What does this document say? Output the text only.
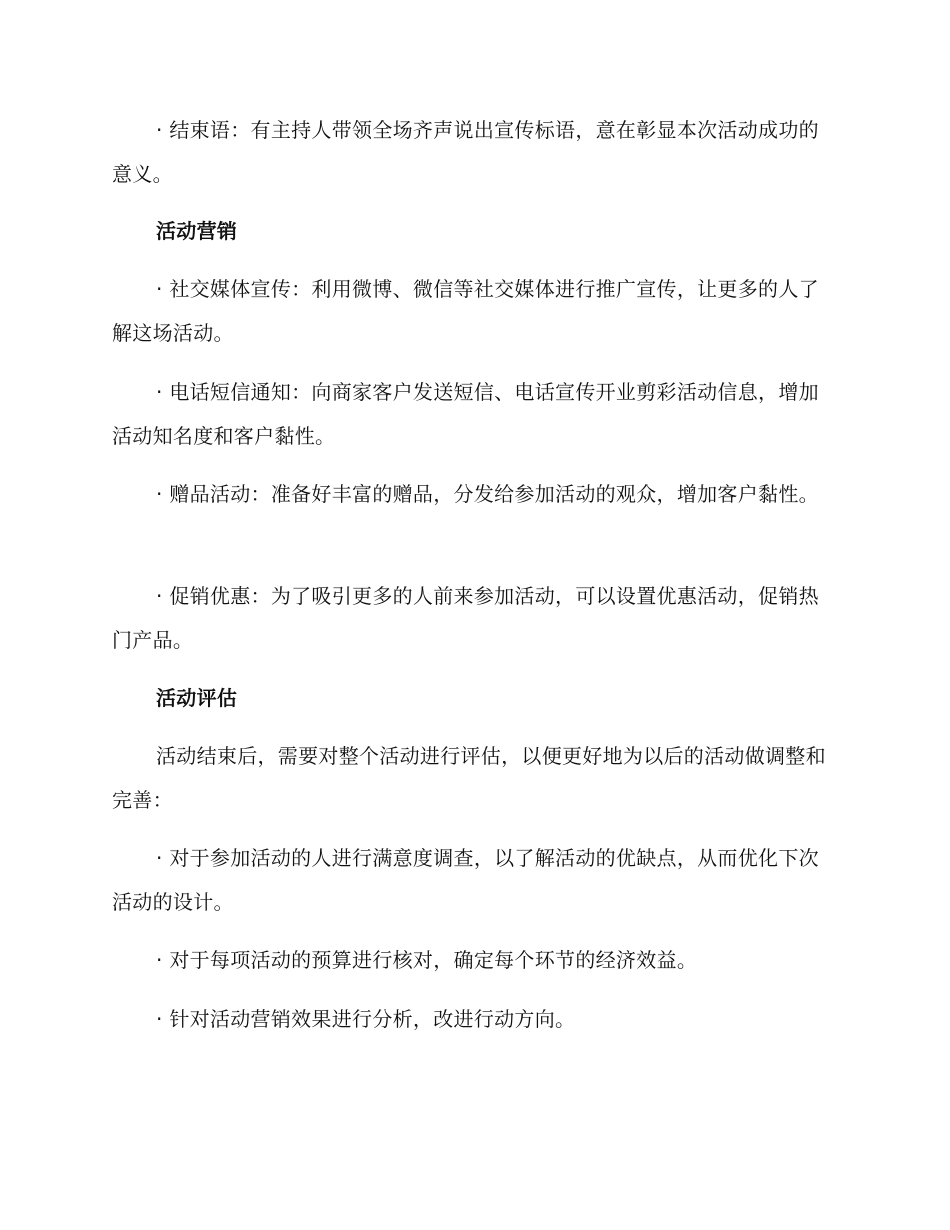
· 结束语：有主持人带领全场齐声说出宣传标语，意在彰显本次活动成功的意义。
活动营销
· 社交媒体宣传：利用微博、微信等社交媒体进行推广宣传，让更多的人了解这场活动。
· 电话短信通知：向商家客户发送短信、电话宣传开业剪彩活动信息，增加活动知名度和客户黏性。
· 赠品活动：准备好丰富的赠品，分发给参加活动的观众，增加客户黏性。
· 促销优惠：为了吸引更多的人前来参加活动，可以设置优惠活动，促销热门产品。
活动评估
活动结束后，需要对整个活动进行评估，以便更好地为以后的活动做调整和完善：
· 对于参加活动的人进行满意度调查，以了解活动的优缺点，从而优化下次活动的设计。
· 对于每项活动的预算进行核对，确定每个环节的经济效益。
· 针对活动营销效果进行分析，改进行动方向。
